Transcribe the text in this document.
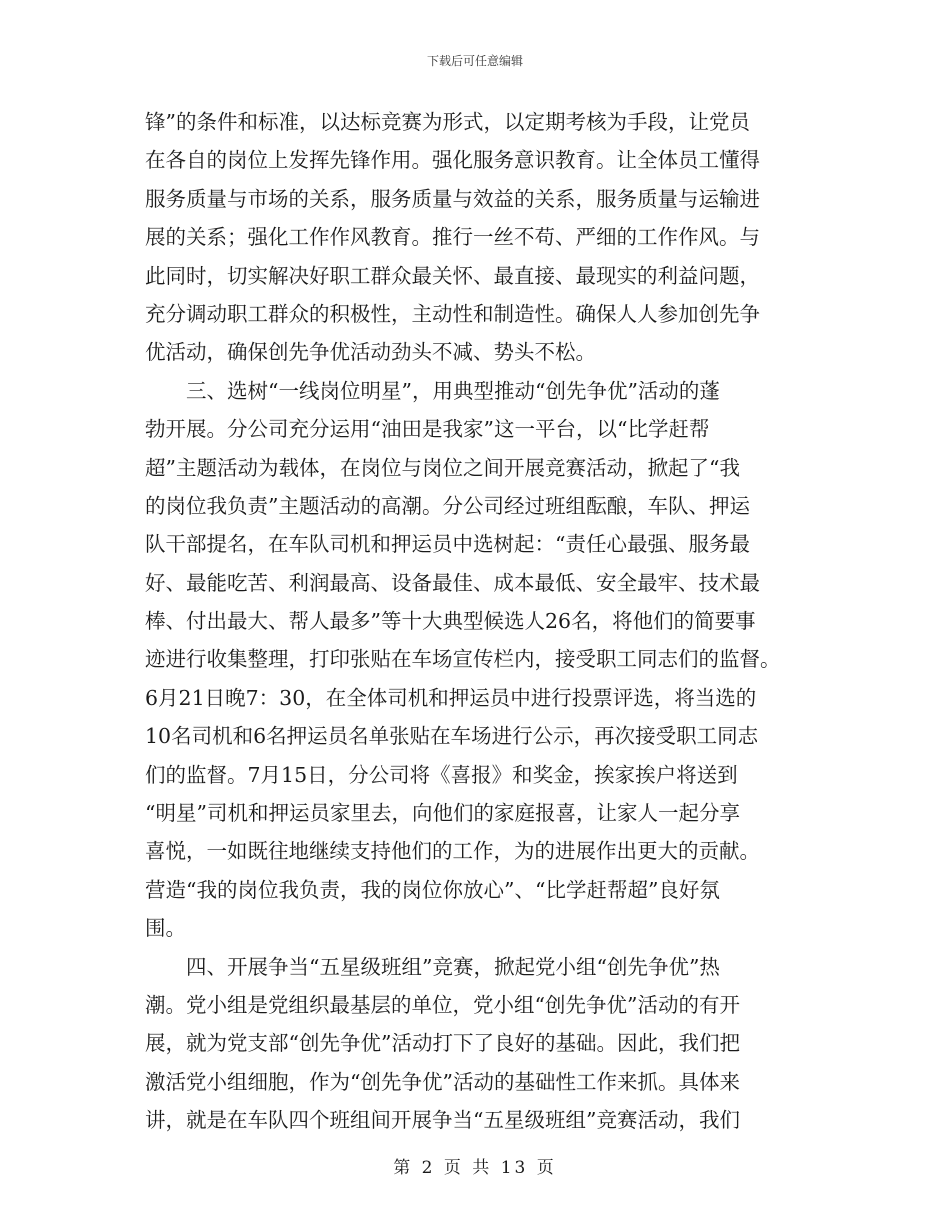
下载后可任意编辑
锋”的条件和标准，以达标竞赛为形式，以定期考核为手段，让党员
在各自的岗位上发挥先锋作用。强化服务意识教育。让全体员工懂得
服务质量与市场的关系，服务质量与效益的关系，服务质量与运输进
展的关系；强化工作作风教育。推行一丝不苟、严细的工作作风。与
此同时，切实解决好职工群众最关怀、最直接、最现实的利益问题，
充分调动职工群众的积极性，主动性和制造性。确保人人参加创先争
优活动，确保创先争优活动劲头不减、势头不松。
　　三、选树“一线岗位明星”，用典型推动“创先争优”活动的蓬
勃开展。分公司充分运用“油田是我家”这一平台，以“比学赶帮
超”主题活动为载体，在岗位与岗位之间开展竞赛活动，掀起了“我
的岗位我负责”主题活动的高潮。分公司经过班组酝酿，车队、押运
队干部提名，在车队司机和押运员中选树起：“责任心最强、服务最
好、最能吃苦、利润最高、设备最佳、成本最低、安全最牢、技术最
棒、付出最大、帮人最多”等十大典型候选人26名，将他们的简要事
迹进行收集整理，打印张贴在车场宣传栏内，接受职工同志们的监督。
6月21日晚7：30，在全体司机和押运员中进行投票评选，将当选的
10名司机和6名押运员名单张贴在车场进行公示，再次接受职工同志
们的监督。7月15日，分公司将《喜报》和奖金，挨家挨户将送到
“明星”司机和押运员家里去，向他们的家庭报喜，让家人一起分享
喜悦，一如既往地继续支持他们的工作，为的进展作出更大的贡献。
营造“我的岗位我负责，我的岗位你放心”、“比学赶帮超”良好氛
围。
　　四、开展争当“五星级班组”竞赛，掀起党小组“创先争优”热
潮。党小组是党组织最基层的单位，党小组“创先争优”活动的有开
展，就为党支部“创先争优”活动打下了良好的基础。因此，我们把
激活党小组细胞，作为“创先争优”活动的基础性工作来抓。具体来
讲，就是在车队四个班组间开展争当“五星级班组”竞赛活动，我们
第 2 页 共 13 页
